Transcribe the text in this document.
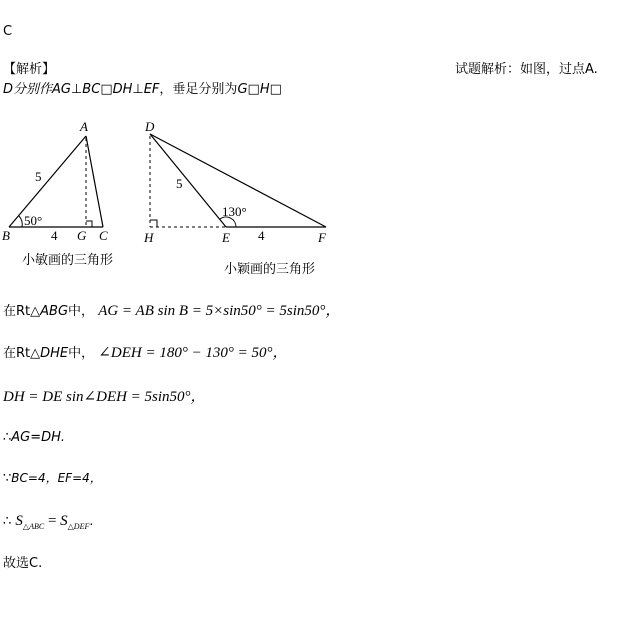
C
【解析】	试题解析：如图，过点A.
D分别作AG⊥BC□DH⊥EF，垂足分别为G□H□
A
B	G C
5
4
50°
小敏画的三角形
D
H	E	F
5
4
130°
小颖画的三角形
在Rt△ABG中， AG = AB sin B = 5×sin50° = 5sin50°，
在Rt△DHE中， ∠DEH = 180° − 130° = 50°，
DH = DE sin∠DEH = 5sin50°，
∴AG=DH.
∵BC=4，EF=4，
∴ $S_{\triangle ABC} = S_{\triangle DEF}$.
故选C.
